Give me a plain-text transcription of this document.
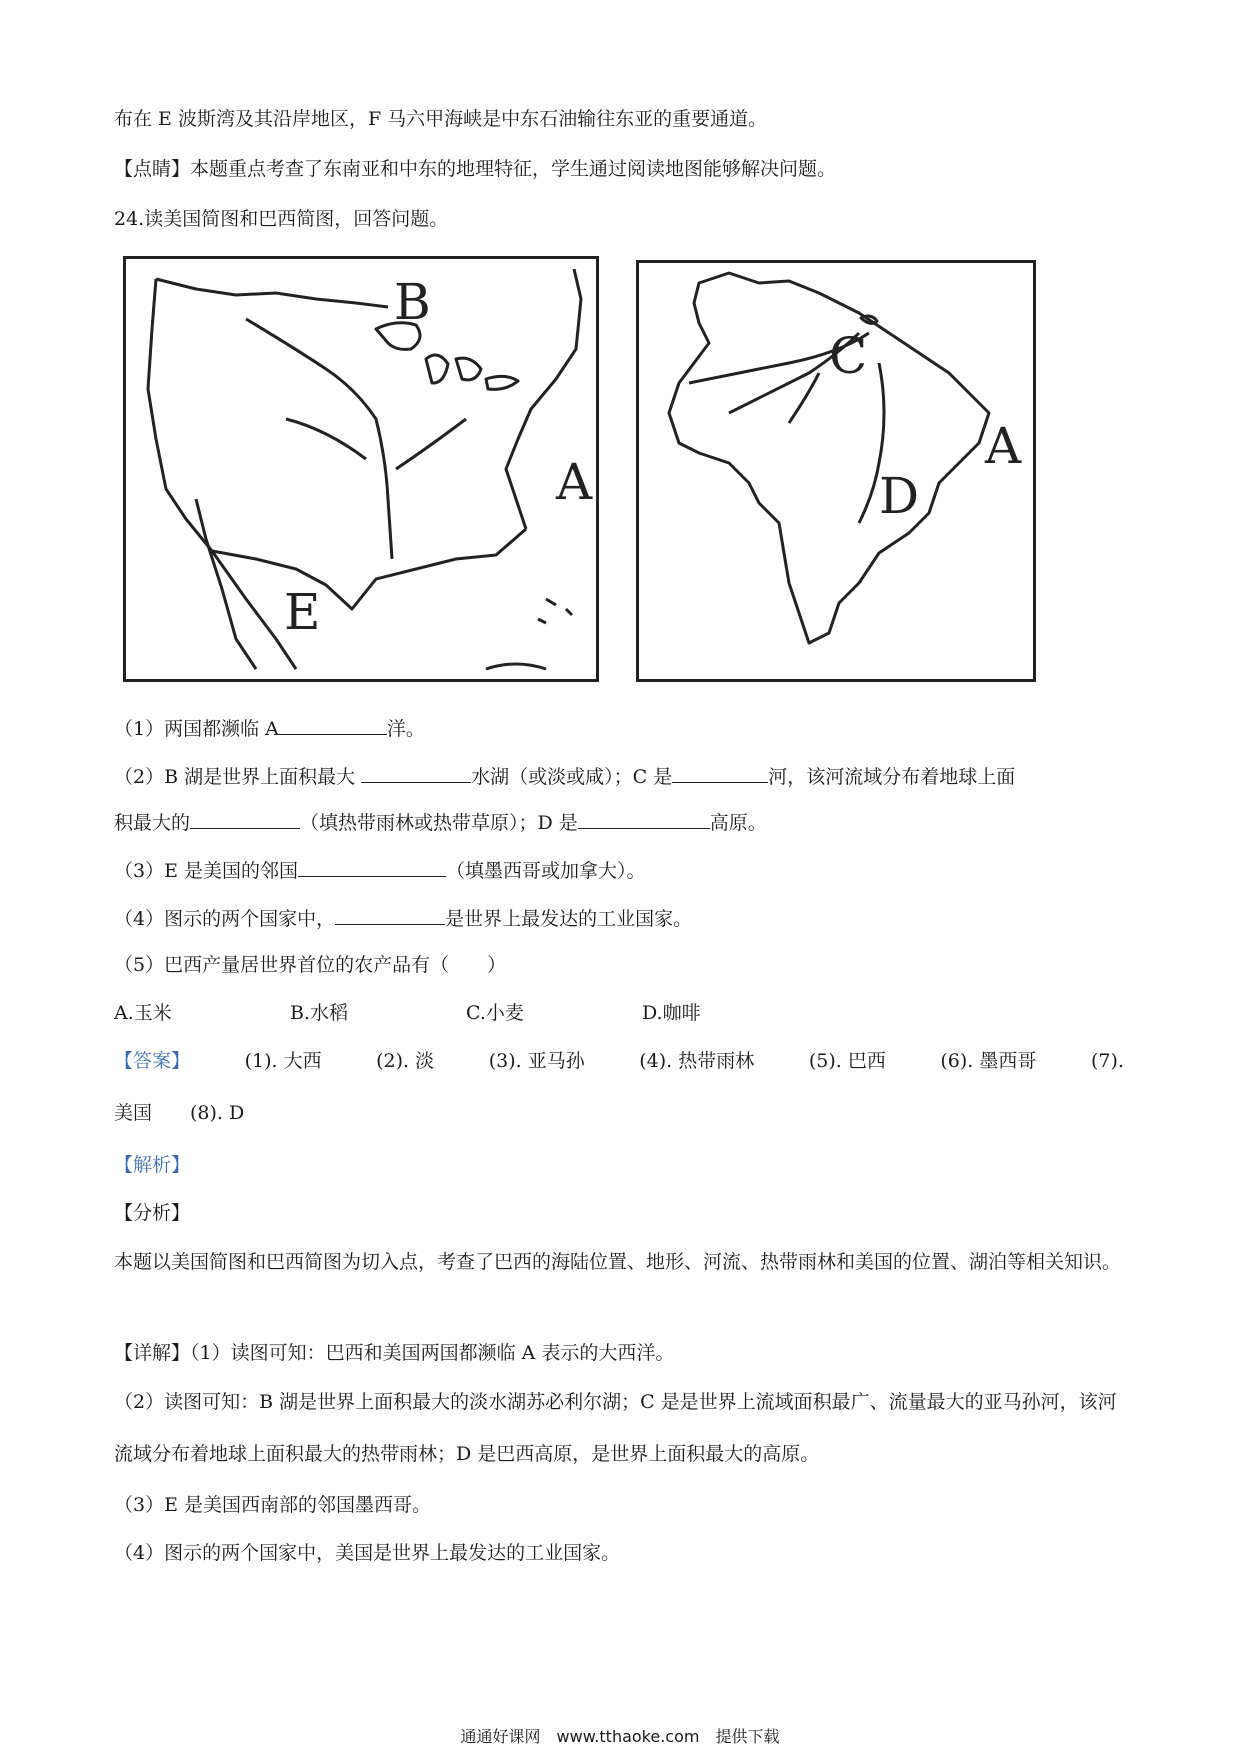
布在 E 波斯湾及其沿岸地区，F 马六甲海峡是中东石油输往东亚的重要通道。
【点睛】本题重点考查了东南亚和中东的地理特征，学生通过阅读地图能够解决问题。
24.读美国简图和巴西简图，回答问题。
B
A
E
C
A
D
（1）两国都濒临 A	洋。
（2）B 湖是世界上面积最大	水湖（或淡或咸）；C 是	河，该河流域分布着地球上面
积最大的	（填热带雨林或热带草原）；D 是	高原。
（3）E 是美国的邻国	（填墨西哥或加拿大）。
（4）图示的两个国家中，	是世界上最发达的工业国家。
（5）巴西产量居世界首位的农产品有（　　）
A.玉米	B.水稻	C.小麦	D.咖啡
【答案】	(1). 大西	(2). 淡	(3). 亚马孙	(4). 热带雨林	(5). 巴西	(6). 墨西哥	(7).
美国　　(8). D
【解析】
【分析】
本题以美国简图和巴西简图为切入点，考查了巴西的海陆位置、地形、河流、热带雨林和美国的位置、湖泊等相关知识。
【详解】（1）读图可知：巴西和美国两国都濒临 A 表示的大西洋。
（2）读图可知：B 湖是世界上面积最大的淡水湖苏必利尔湖；C 是是世界上流域面积最广、流量最大的亚马孙河，该河流域分布着地球上面积最大的热带雨林；D 是巴西高原，是世界上面积最大的高原。
（3）E 是美国西南部的邻国墨西哥。
（4）图示的两个国家中，美国是世界上最发达的工业国家。
通通好课网　www.tthaoke.com　提供下载
